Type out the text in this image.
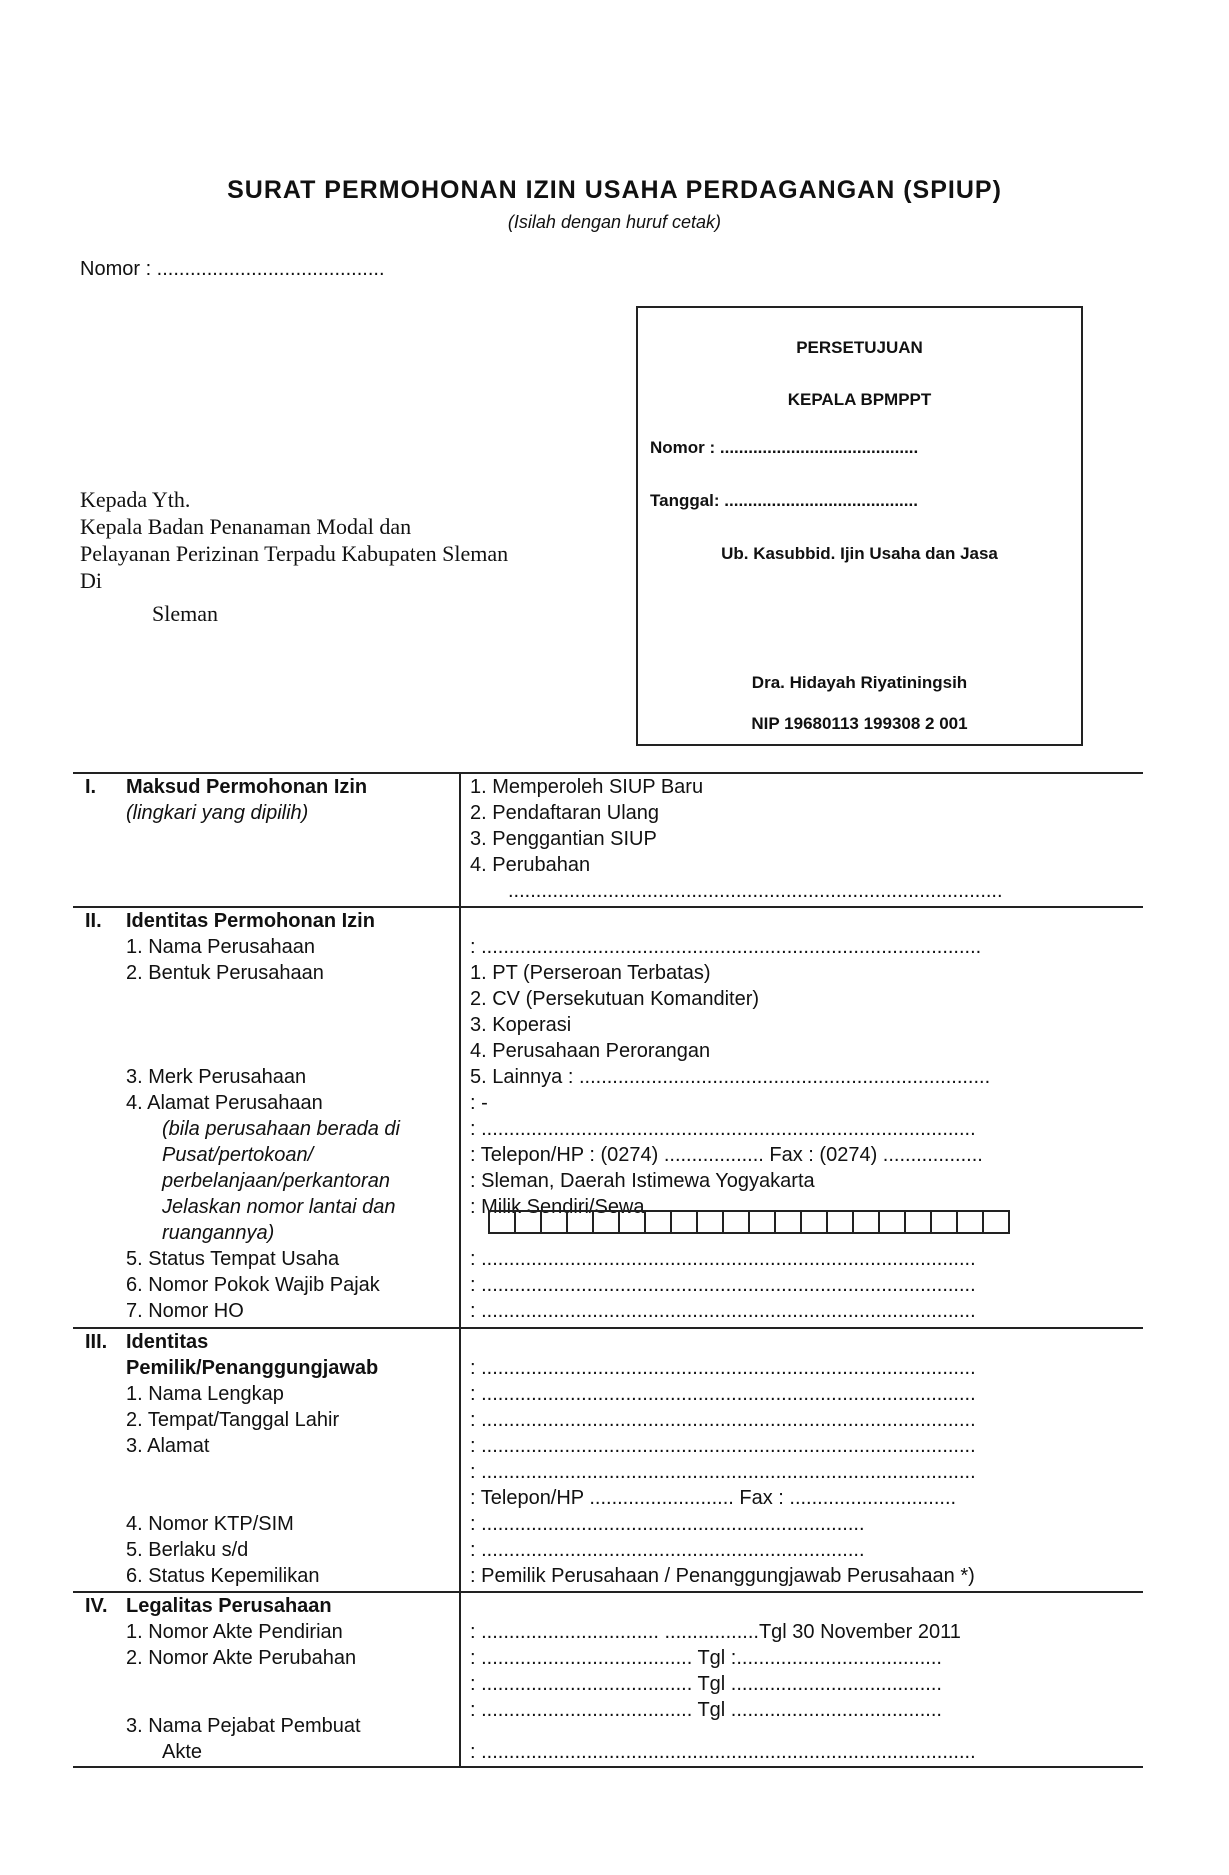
SURAT PERMOHONAN IZIN USAHA PERDAGANGAN (SPIUP)
(Isilah dengan huruf cetak)
Nomor : .........................................
PERSETUJUAN
KEPALA BPMPPT
Nomor : ..........................................
Tanggal: .........................................
Ub. Kasubbid. Ijin Usaha dan Jasa
Dra. Hidayah Riyatiningsih
NIP 19680113 199308 2 001
Kepada Yth.
Kepala Badan Penanaman Modal dan
Pelayanan Perizinan Terpadu Kabupaten Sleman
Di
Sleman
I. Maksud Permohonan Izin
(lingkari yang dipilih)
1. Memperoleh SIUP Baru
2. Pendaftaran Ulang
3. Penggantian SIUP
4. Perubahan
.........................................................................................
II. Identitas Permohonan Izin
1. Nama Perusahaan
2. Bentuk Perusahaan
3. Merk Perusahaan
4. Alamat Perusahaan
(bila perusahaan berada di
Pusat/pertokoan/
perbelanjaan/perkantoran
Jelaskan nomor lantai dan
ruangannya)
5. Status Tempat Usaha
6. Nomor Pokok Wajib Pajak
7. Nomor HO
: ..........................................................................................
1. PT (Perseroan Terbatas)
2. CV (Persekutuan Komanditer)
3. Koperasi
4. Perusahaan Perorangan
5. Lainnya : ..........................................................................
: -
: .........................................................................................
: Telepon/HP : (0274) .................. Fax : (0274) ..................
: Sleman, Daerah Istimewa Yogyakarta
: Milik Sendiri/Sewa
: .........................................................................................
: .........................................................................................
: .........................................................................................
III. Identitas
Pemilik/Penanggungjawab
1. Nama Lengkap
2. Tempat/Tanggal Lahir
3. Alamat
4. Nomor KTP/SIM
5. Berlaku s/d
6. Status Kepemilikan
: .........................................................................................
: .........................................................................................
: .........................................................................................
: .........................................................................................
: .........................................................................................
: Telepon/HP .......................... Fax : ..............................
: .....................................................................
: .....................................................................
: Pemilik Perusahaan / Penanggungjawab Perusahaan *)
IV. Legalitas Perusahaan
1. Nomor Akte Pendirian
2. Nomor Akte Perubahan
3. Nama Pejabat Pembuat
Akte
: ................................ .................Tgl 30 November 2011
: ...................................... Tgl :.....................................
: ...................................... Tgl ......................................
: ...................................... Tgl ......................................
: .........................................................................................
